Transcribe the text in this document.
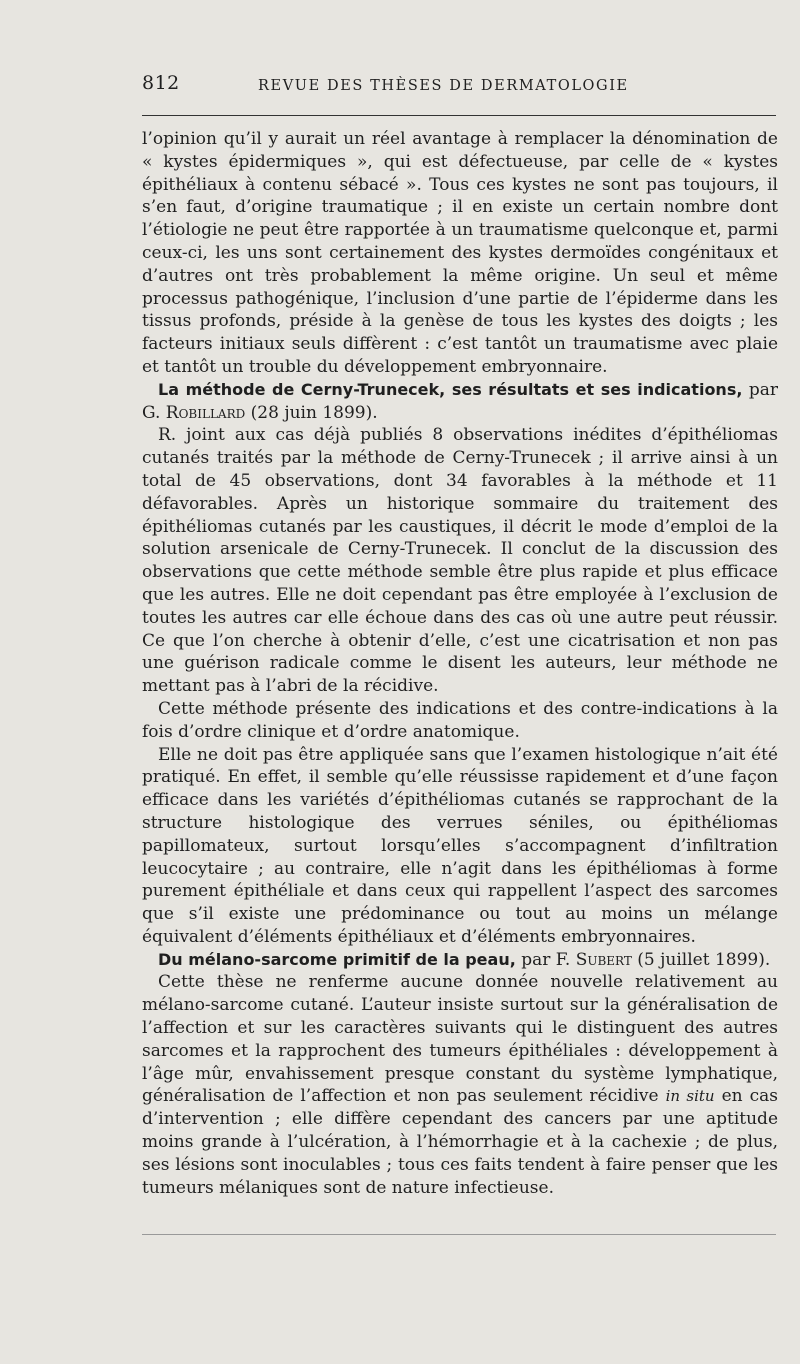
812	REVUE DES THÈSES DE DERMATOLOGIE

l’opinion qu’il y aurait un réel avantage à remplacer la dénomination de « kystes épidermiques », qui est défectueuse, par celle de « kystes épithéliaux à contenu sébacé ». Tous ces kystes ne sont pas toujours, il s’en faut, d’origine traumatique ; il en existe un certain nombre dont l’étiologie ne peut être rapportée à un traumatisme quelconque et, parmi ceux-ci, les uns sont certainement des kystes dermoïdes congénitaux et d’autres ont très probablement la même origine. Un seul et même processus pathogénique, l’inclusion d’une partie de l’épiderme dans les tissus profonds, préside à la genèse de tous les kystes des doigts ; les facteurs initiaux seuls diffèrent : c’est tantôt un traumatisme avec plaie et tantôt un trouble du développement embryonnaire.

La méthode de Cerny-Trunecek, ses résultats et ses indications, par G. Robillard (28 juin 1899).

R. joint aux cas déjà publiés 8 observations inédites d’épithéliomas cutanés traités par la méthode de Cerny-Trunecek ; il arrive ainsi à un total de 45 observations, dont 34 favorables à la méthode et 11 défavorables. Après un historique sommaire du traitement des épithéliomas cutanés par les caustiques, il décrit le mode d’emploi de la solution arsenicale de Cerny-Trunecek. Il conclut de la discussion des observations que cette méthode semble être plus rapide et plus efficace que les autres. Elle ne doit cependant pas être employée à l’exclusion de toutes les autres car elle échoue dans des cas où une autre peut réussir. Ce que l’on cherche à obtenir d’elle, c’est une cicatrisation et non pas une guérison radicale comme le disent les auteurs, leur méthode ne mettant pas à l’abri de la récidive.

Cette méthode présente des indications et des contre-indications à la fois d’ordre clinique et d’ordre anatomique.

Elle ne doit pas être appliquée sans que l’examen histologique n’ait été pratiqué. En effet, il semble qu’elle réussisse rapidement et d’une façon efficace dans les variétés d’épithéliomas cutanés se rapprochant de la structure histologique des verrues séniles, ou épithéliomas papillomateux, surtout lorsqu’elles s’accompagnent d’infiltration leucocytaire ; au contraire, elle n’agit dans les épithéliomas à forme purement épithéliale et dans ceux qui rappellent l’aspect des sarcomes que s’il existe une prédominance ou tout au moins un mélange équivalent d’éléments épithéliaux et d’éléments embryonnaires.

Du mélano-sarcome primitif de la peau, par F. Subert (5 juillet 1899).

Cette thèse ne renferme aucune donnée nouvelle relativement au mélano-sarcome cutané. L’auteur insiste surtout sur la généralisation de l’affection et sur les caractères suivants qui le distinguent des autres sarcomes et la rapprochent des tumeurs épithéliales : développement à l’âge mûr, envahissement presque constant du système lymphatique, généralisation de l’affection et non pas seulement récidive in situ en cas d’intervention ; elle diffère cependant des cancers par une aptitude moins grande à l’ulcération, à l’hémorrhagie et à la cachexie ; de plus, ses lésions sont inoculables ; tous ces faits tendent à faire penser que les tumeurs mélaniques sont de nature infectieuse.
